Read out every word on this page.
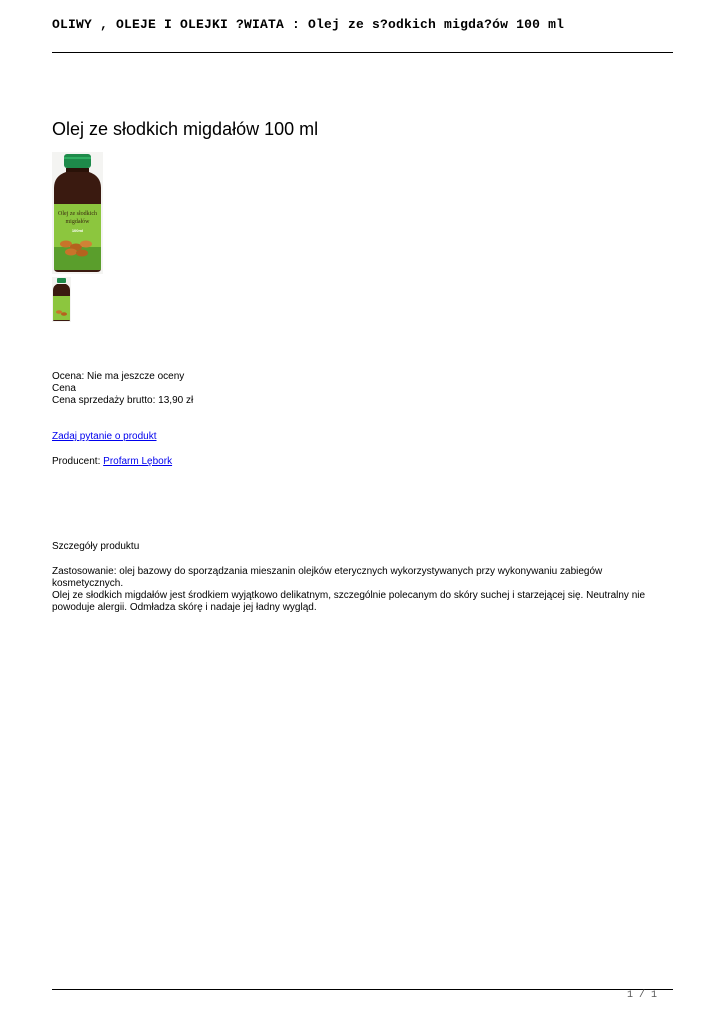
OLIWY , OLEJE I OLEJKI ?WIATA : Olej ze s?odkich migda?ów 100 ml
Olej ze słodkich migdałów 100 ml
Olej ze słodkich
migdałów
100ml
Ocena: Nie ma jeszcze oceny
Cena
Cena sprzedaży brutto: 13,90 zł
Zadaj pytanie o produkt
Producent: Profarm Lębork
Szczegóły produktu

Zastosowanie: olej bazowy do sporządzania mieszanin olejków eterycznych wykorzystywanych przy wykonywaniu zabiegów kosmetycznych.

Olej ze słodkich migdałów jest środkiem wyjątkowo delikatnym, szczególnie polecanym do skóry suchej i starzejącej się. Neutralny nie powoduje alergii. Odmładza skórę i nadaje jej ładny wygląd.

1 / 1
